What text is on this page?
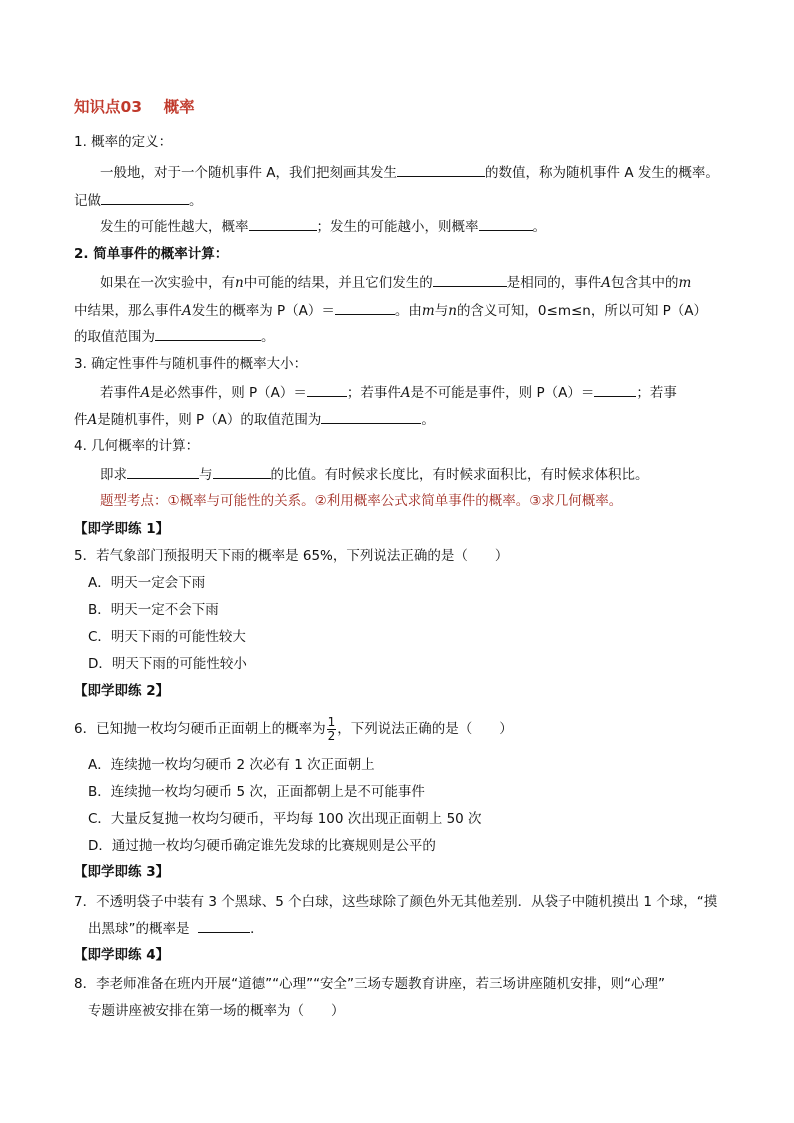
知识点03 概率
1. 概率的定义：
一般地，对于一个随机事件 A，我们把刻画其发生	的数值，称为随机事件 A 发生的概率。
记做	。
发生的可能性越大，概率	；发生的可能越小，则概率	。
2. 简单事件的概率计算：
如果在一次实验中，有n中可能的结果，并且它们发生的	是相同的，事件A包含其中的m
中结果，那么事件A发生的概率为 P（A）＝	。由m与n的含义可知，0≤m≤n，所以可知 P（A）
的取值范围为	。
3. 确定性事件与随机事件的概率大小：
若事件A是必然事件，则 P（A）＝	；若事件A是不可能是事件，则 P（A）＝	；若事
件A是随机事件，则 P（A）的取值范围为	。
4. 几何概率的计算：
即求	与	的比值。有时候求长度比，有时候求面积比，有时候求体积比。
题型考点：①概率与可能性的关系。②利用概率公式求简单事件的概率。③求几何概率。
【即学即练 1】
5．若气象部门预报明天下雨的概率是 65%，下列说法正确的是（　　）
A．明天一定会下雨
B．明天一定不会下雨
C．明天下雨的可能性较大
D．明天下雨的可能性较小
【即学即练 2】
6．已知抛一枚均匀硬币正面朝上的概率为 $\frac{1}{2}$ ，下列说法正确的是（　　）
A．连续抛一枚均匀硬币 2 次必有 1 次正面朝上
B．连续抛一枚均匀硬币 5 次，正面都朝上是不可能事件
C．大量反复抛一枚均匀硬币，平均每 100 次出现正面朝上 50 次
D．通过抛一枚均匀硬币确定谁先发球的比赛规则是公平的
【即学即练 3】
7．不透明袋子中装有 3 个黑球、5 个白球，这些球除了颜色外无其他差别．从袋子中随机摸出 1 个球，“摸
出黑球”的概率是	．
【即学即练 4】
8．李老师准备在班内开展“道德”“心理”“安全”三场专题教育讲座，若三场讲座随机安排，则“心理”
专题讲座被安排在第一场的概率为（　　）
